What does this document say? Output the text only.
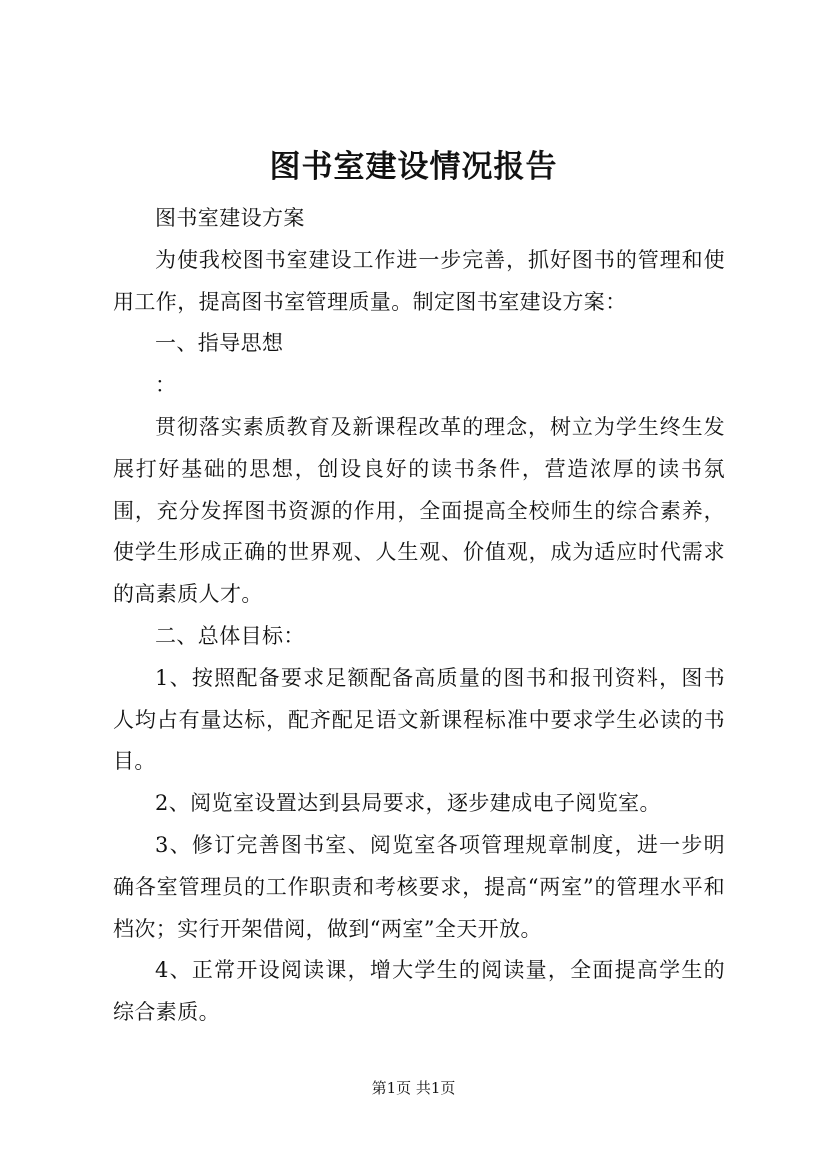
图书室建设情况报告

图书室建设方案

为使我校图书室建设工作进一步完善，抓好图书的管理和使用工作，提高图书室管理质量。制定图书室建设方案：

一、指导思想

：

贯彻落实素质教育及新课程改革的理念，树立为学生终生发展打好基础的思想，创设良好的读书条件，营造浓厚的读书氛围，充分发挥图书资源的作用，全面提高全校师生的综合素养，使学生形成正确的世界观、人生观、价值观，成为适应时代需求的高素质人才。

二、总体目标：

1、按照配备要求足额配备高质量的图书和报刊资料，图书人均占有量达标，配齐配足语文新课程标准中要求学生必读的书目。

2、阅览室设置达到县局要求，逐步建成电子阅览室。

3、修订完善图书室、阅览室各项管理规章制度，进一步明确各室管理员的工作职责和考核要求，提高“两室”的管理水平和档次；实行开架借阅，做到“两室”全天开放。

4、正常开设阅读课，增大学生的阅读量，全面提高学生的综合素质。

第1页 共1页
